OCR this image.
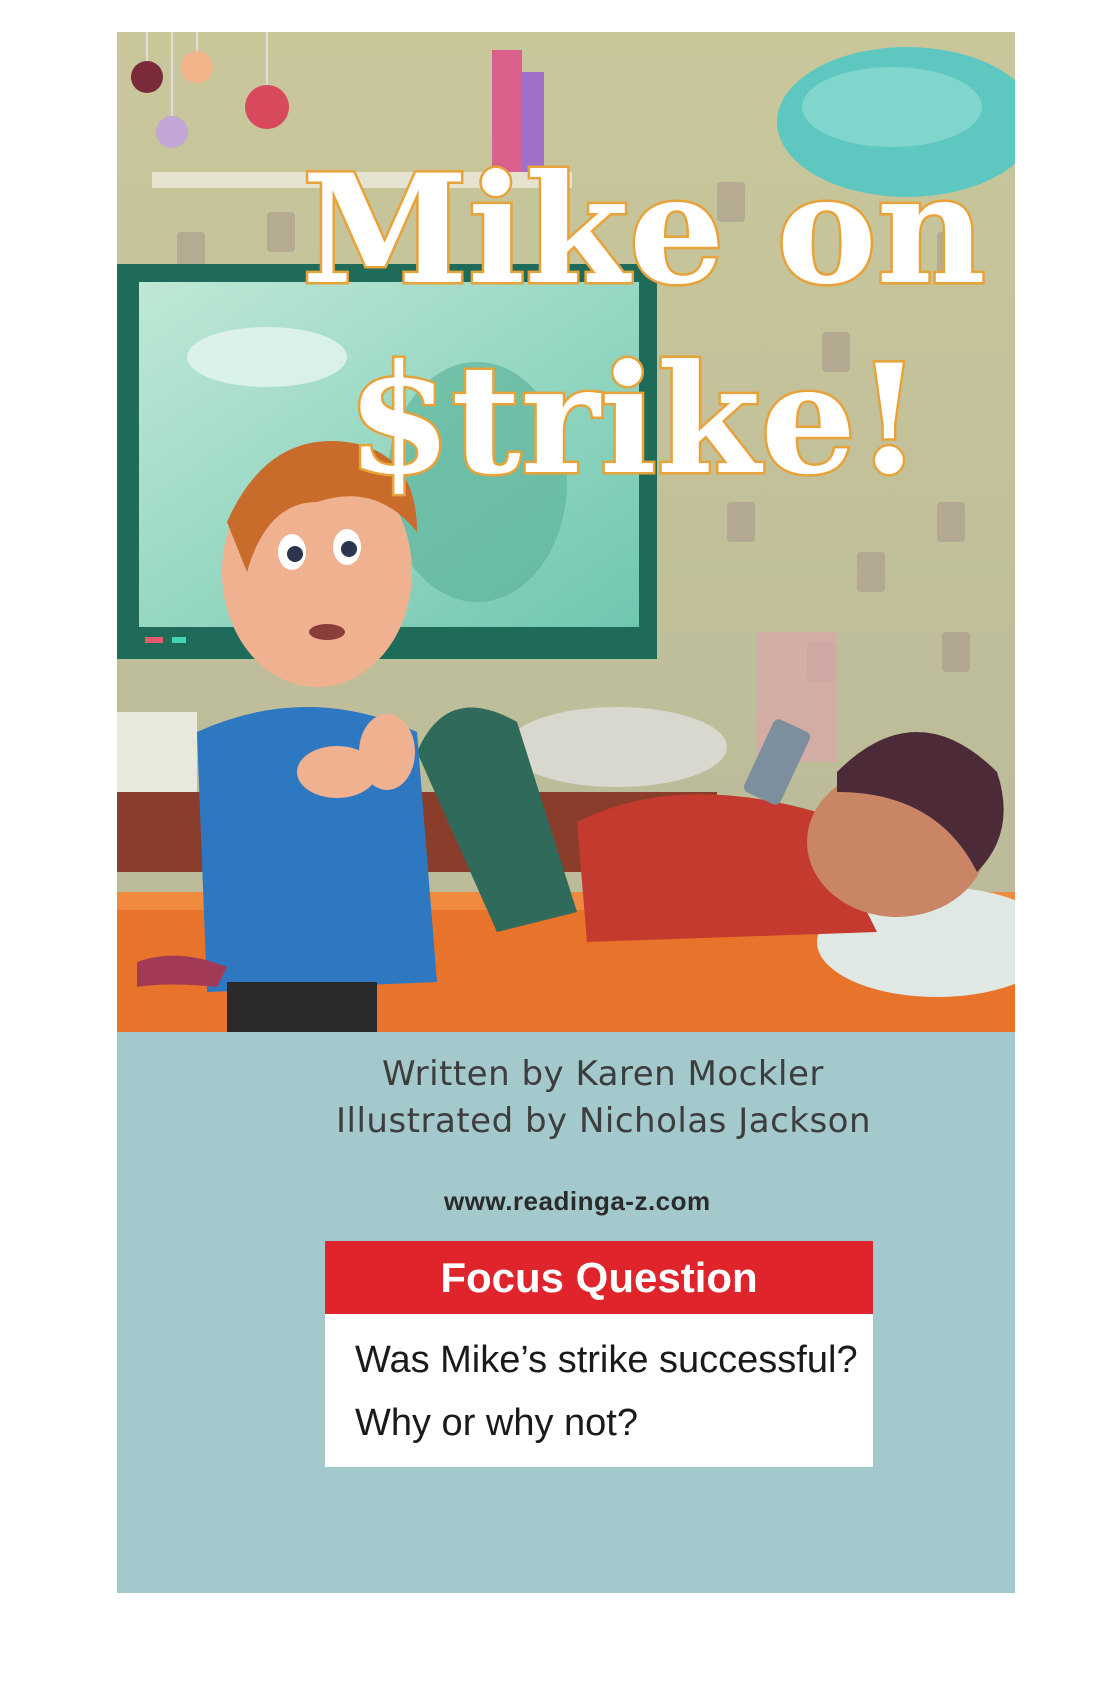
Mike on
$trike!
Written by Karen Mockler
Illustrated by Nicholas Jackson
www.readinga-z.com
Focus Question
Was Mike’s strike successful? Why or why not?
